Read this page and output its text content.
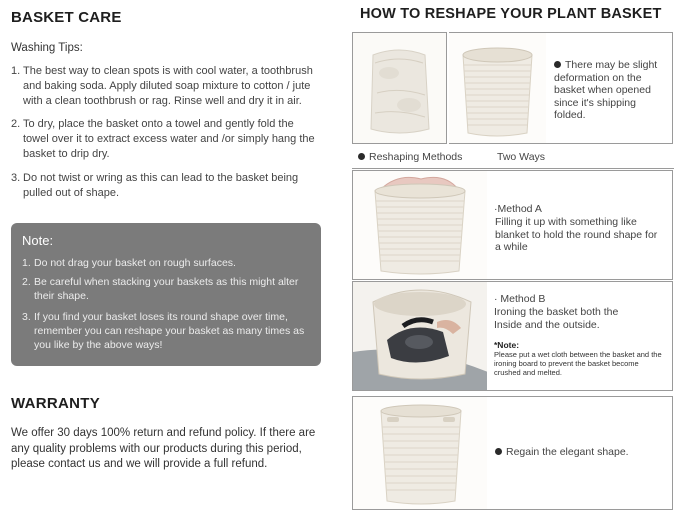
BASKET CARE
Washing Tips:
1. The best way to clean spots is with cool water, a toothbrush and baking soda. Apply diluted soap mixture to cotton / jute with a clean toothbrush or rag. Rinse well and dry it in air.
2. To dry, place the basket onto a towel and gently fold the towel over it to extract excess water and /or simply hang the basket to drip dry.
3. Do not twist or wring as this can lead to the basket being pulled out of shape.
Note:
1. Do not drag your basket on rough surfaces.
2. Be careful when stacking your baskets as this might alter their shape.
3. If you find your basket loses its round shape over time, remember you can reshape your basket as many times as you like by the above ways!
WARRANTY
We offer 30 days 100% return and refund policy. If there are any quality problems with our products during this period, please contact us and we will provide a full refund.
HOW TO RESHAPE YOUR PLANT BASKET
There may be slight deformation on the basket when opened since it's shipping folded.
Reshaping Methods	Two Ways
·Method A
Filling it up with something like blanket to hold the round shape for a while
· Method B
Ironing the basket both the Inside and the outside.
*Note:
Please put a wet cloth between the basket and the ironing board to prevent the basket become crushed and melted.
Regain the elegant shape.
